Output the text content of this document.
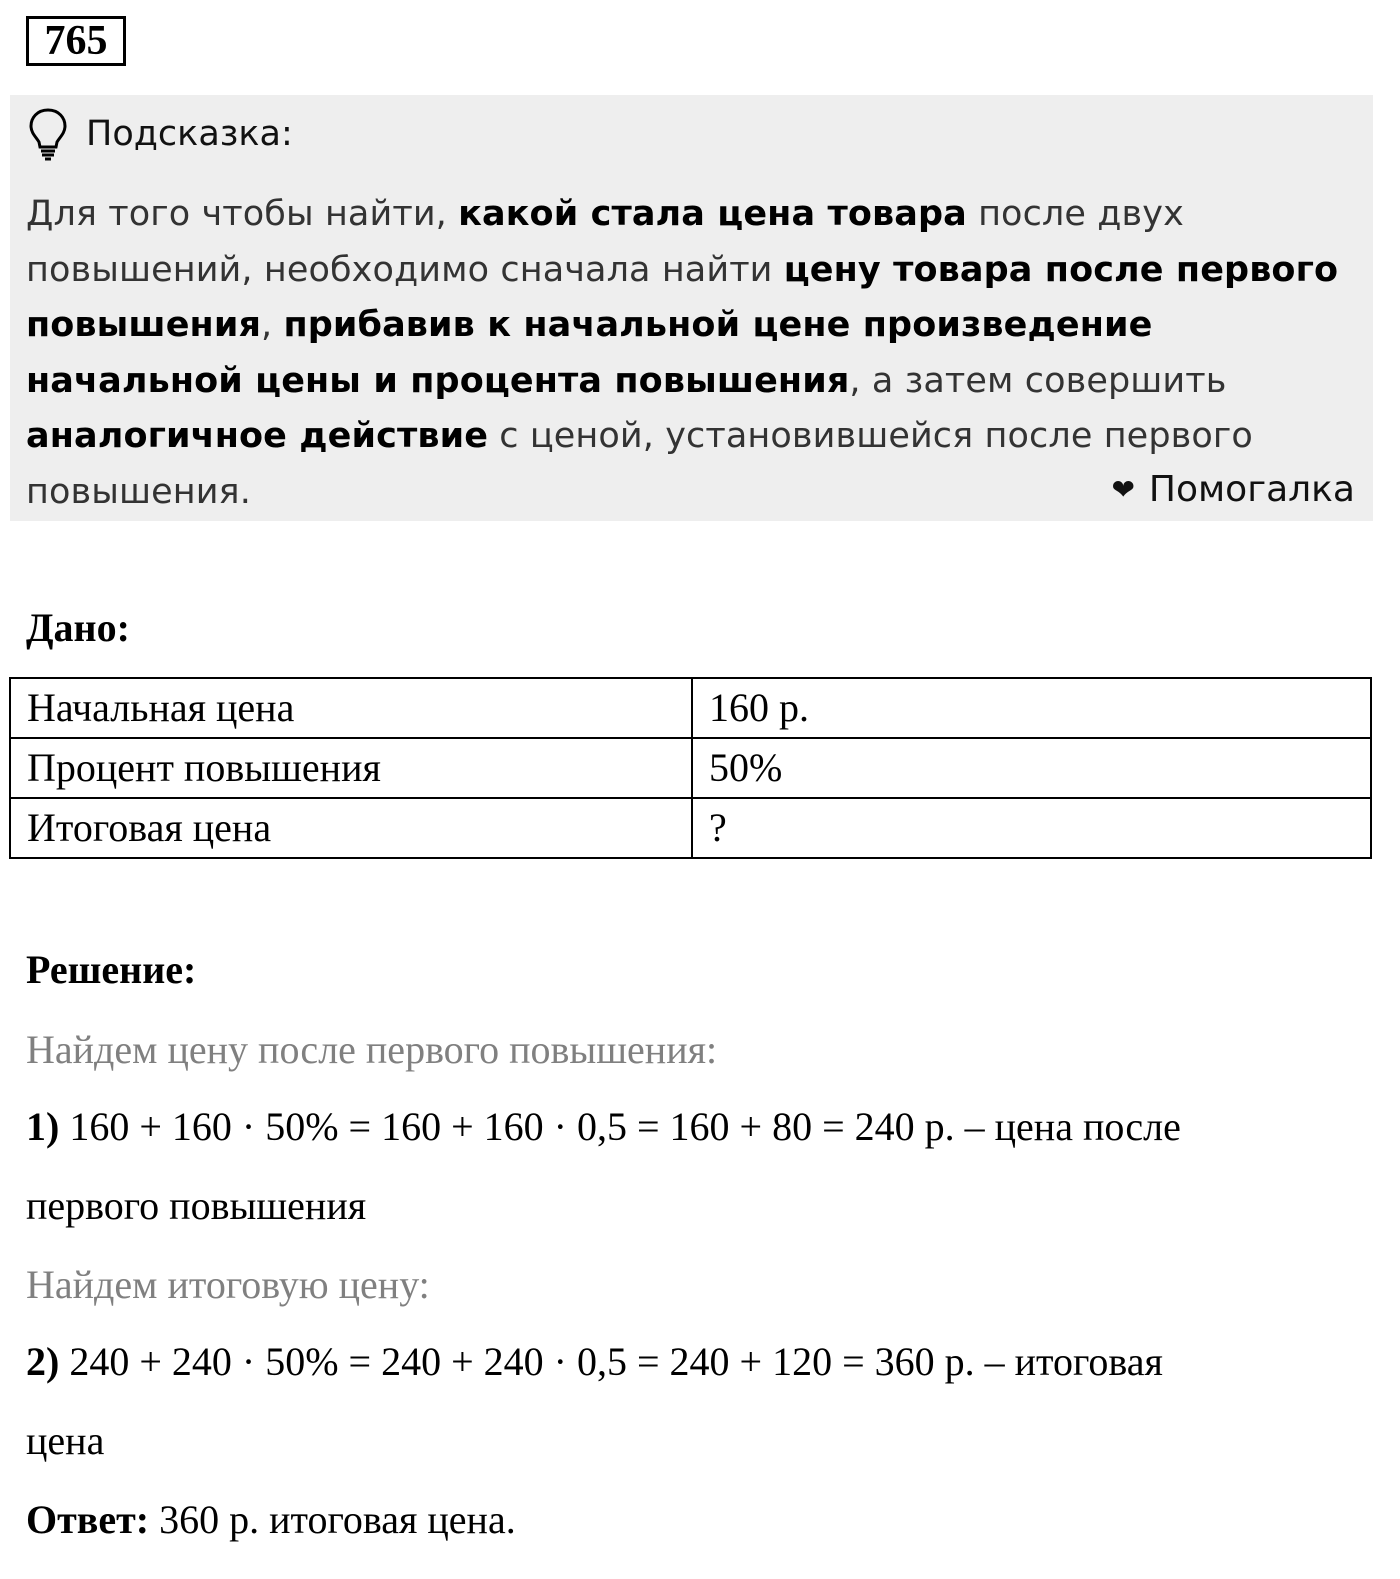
765
Подсказка:
Для того чтобы найти, какой стала цена товара после двух повышений, необходимо сначала найти цену товара после первого повышения, прибавив к начальной цене произведение начальной цены и процента повышения, а затем совершить аналогичное действие с ценой, установившейся после первого повышения.	❤ Помогалка
Дано:
Начальная цена	160 р.
Процент повышения	50%
Итоговая цена	?
Решение:
Найдем цену после первого повышения:
1) 160 + 160 · 50% = 160 + 160 · 0,5 = 160 + 80 = 240 р. – цена после
первого повышения
Найдем итоговую цену:
2) 240 + 240 · 50% = 240 + 240 · 0,5 = 240 + 120 = 360 р. – итоговая
цена
Ответ: 360 р. итоговая цена.
